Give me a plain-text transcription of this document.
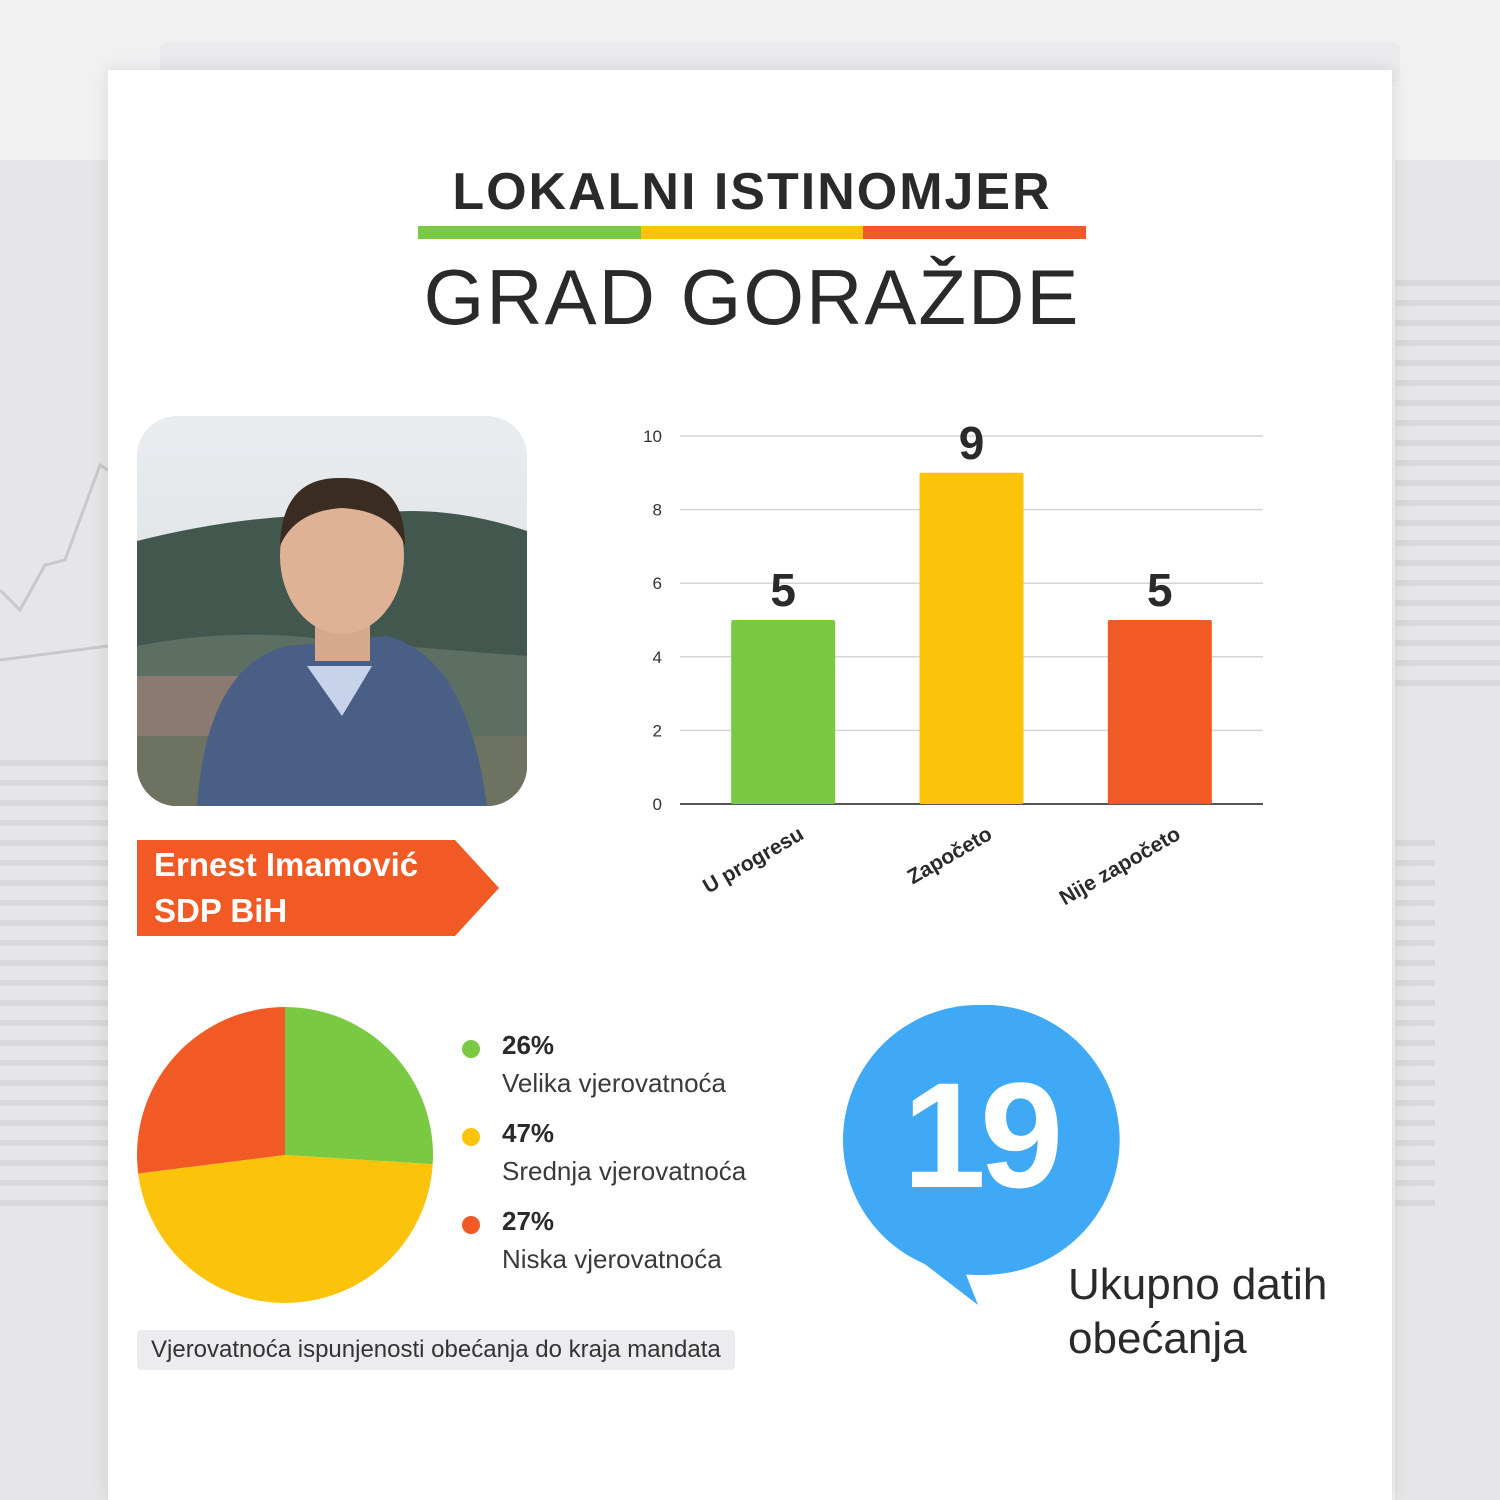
LOKALNI ISTINOMJER
GRAD GORAŽDE
Ernest Imamović
SDP BiH
0
2
4
6
8
10
5
U progresu
9
Započeto
5
Nije započeto
26%
Velika vjerovatnoća
47%
Srednja vjerovatnoća
27%
Niska vjerovatnoća
Vjerovatnoća ispunjenosti obećanja do kraja mandata
19
Ukupno datih
obećanja
